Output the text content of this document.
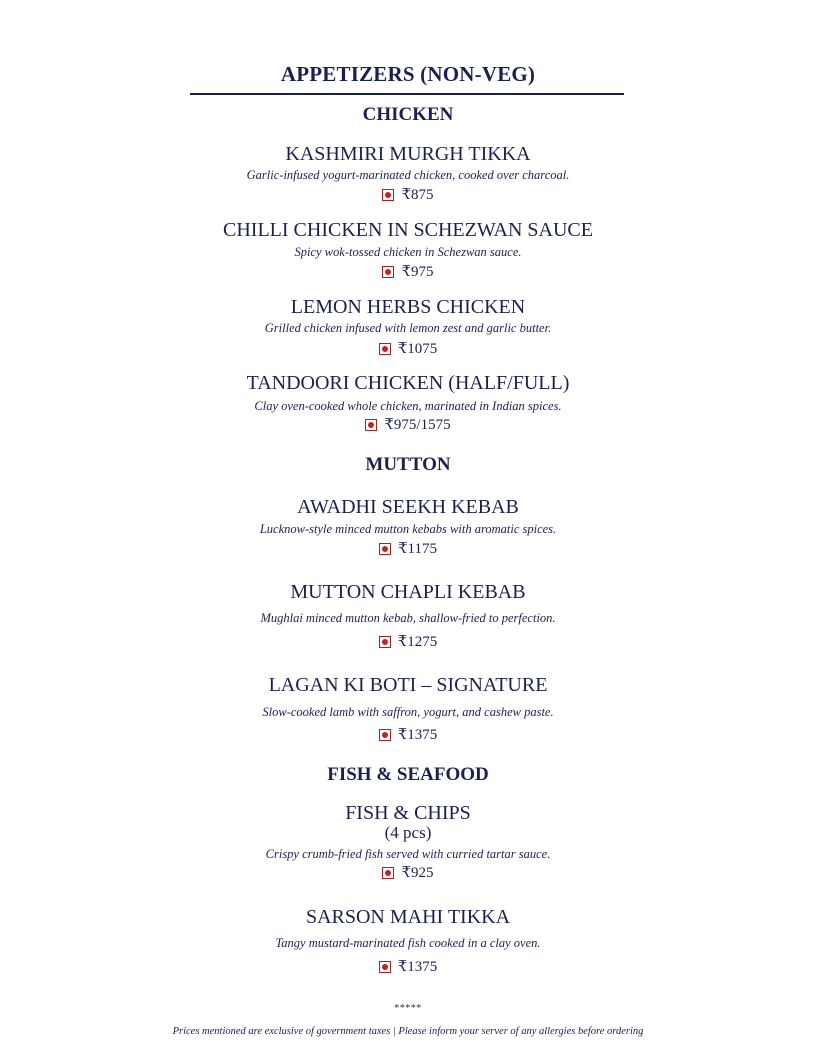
APPETIZERS (NON-VEG)
CHICKEN
KASHMIRI MURGH TIKKA
Garlic-infused yogurt-marinated chicken, cooked over charcoal.
₹875
CHILLI CHICKEN IN SCHEZWAN SAUCE
Spicy wok-tossed chicken in Schezwan sauce.
₹975
LEMON HERBS CHICKEN
Grilled chicken infused with lemon zest and garlic butter.
₹1075
TANDOORI CHICKEN (HALF/FULL)
Clay oven-cooked whole chicken, marinated in Indian spices.
₹975/1575
MUTTON
AWADHI SEEKH KEBAB
Lucknow-style minced mutton kebabs with aromatic spices.
₹1175
MUTTON CHAPLI KEBAB
Mughlai minced mutton kebab, shallow-fried to perfection.
₹1275
LAGAN KI BOTI – SIGNATURE
Slow-cooked lamb with saffron, yogurt, and cashew paste.
₹1375
FISH & SEAFOOD
FISH & CHIPS
(4 pcs)
Crispy crumb-fried fish served with curried tartar sauce.
₹925
SARSON MAHI TIKKA
Tangy mustard-marinated fish cooked in a clay oven.
₹1375
*****
Prices mentioned are exclusive of government taxes | Please inform your server of any allergies before ordering
